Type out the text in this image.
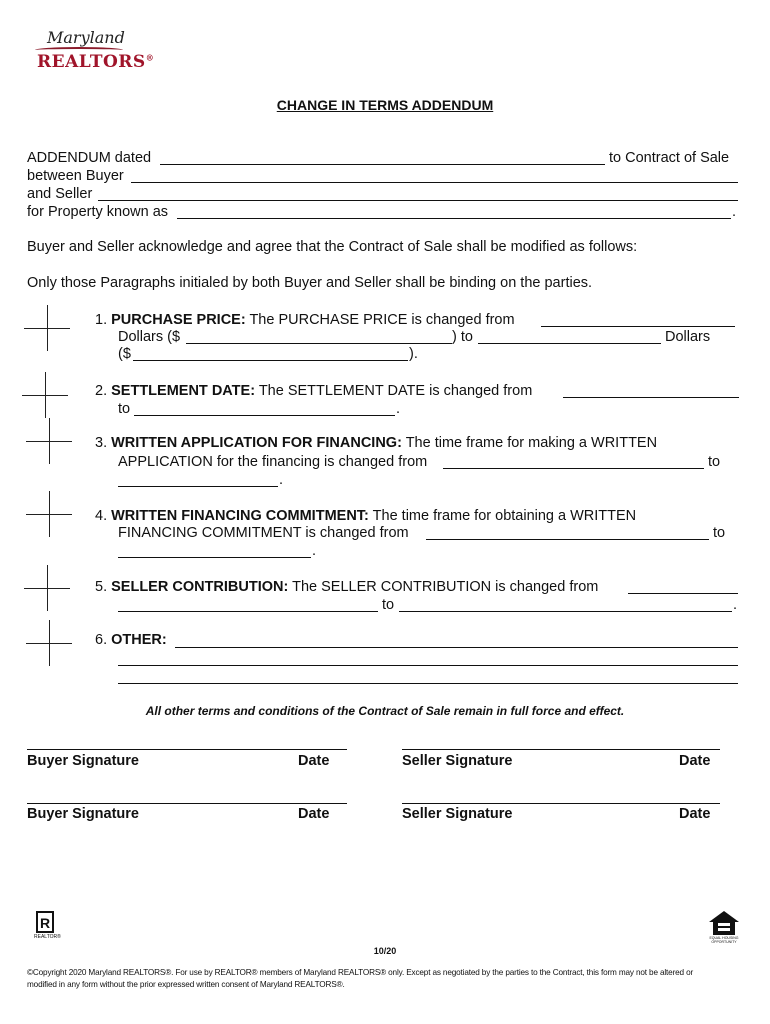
Maryland
REALTORS®
CHANGE IN TERMS ADDENDUM
ADDENDUM dated	to Contract of Sale
between Buyer
and Seller
for Property known as	.
Buyer and Seller acknowledge and agree that the Contract of Sale shall be modified as follows:
Only those Paragraphs initialed by both Buyer and Seller shall be binding on the parties.
1. PURCHASE PRICE: The PURCHASE PRICE is changed from
Dollars ($	) to	Dollars
($	).
2. SETTLEMENT DATE: The SETTLEMENT DATE is changed from
to	.
3. WRITTEN APPLICATION FOR FINANCING: The time frame for making a WRITTEN
APPLICATION for the financing is changed from	to
.
4. WRITTEN FINANCING COMMITMENT: The time frame for obtaining a WRITTEN
FINANCING COMMITMENT is changed from	to
.
5. SELLER CONTRIBUTION: The SELLER CONTRIBUTION is changed from
to	.
6. OTHER:
All other terms and conditions of the Contract of Sale remain in full force and effect.
Buyer Signature	Date	Seller Signature	Date
Buyer Signature	Date	Seller Signature	Date
R
REALTOR®	EQUAL HOUSING OPPORTUNITY
10/20
©Copyright 2020 Maryland REALTORS®. For use by REALTOR® members of Maryland REALTORS® only. Except as negotiated by the parties to the Contract, this form may not be altered or
modified in any form without the prior expressed written consent of Maryland REALTORS®.
